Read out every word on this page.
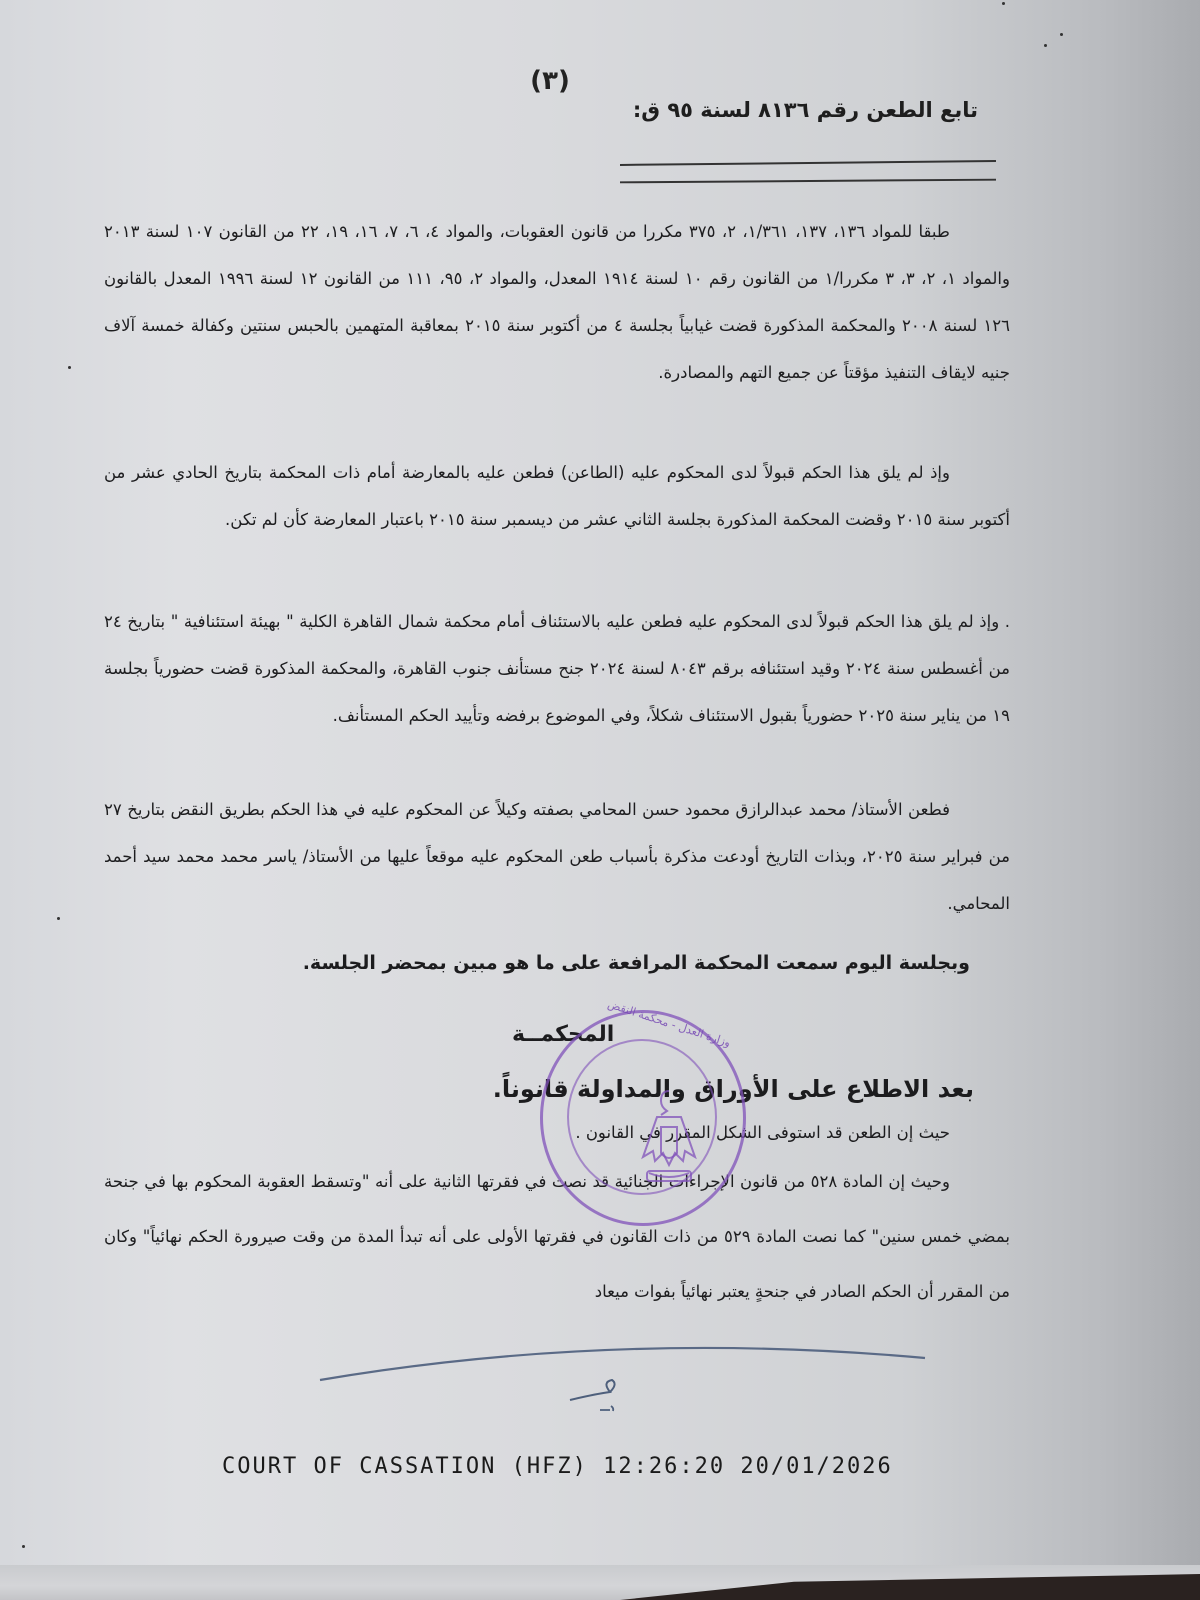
(٣)
تابع الطعن رقم ٨١٣٦ لسنة ٩٥ ق:

طبقا للمواد ١٣٦، ١٣٧، ١/٣٦١، ٢، ٣٧٥ مكررا من قانون العقوبات، والمواد ٤، ٦، ٧، ١٦، ١٩، ٢٢ من القانون ١٠٧ لسنة ٢٠١٣ والمواد ١، ٢، ٣، ٣ مكررا/١ من القانون رقم ١٠ لسنة ١٩١٤ المعدل، والمواد ٢، ٩٥، ١١١ من القانون ١٢ لسنة ١٩٩٦ المعدل بالقانون ١٢٦ لسنة ٢٠٠٨ والمحكمة المذكورة قضت غيابياً بجلسة ٤ من أكتوبر سنة ٢٠١٥ بمعاقبة المتهمين بالحبس سنتين وكفالة خمسة آلاف جنيه لايقاف التنفيذ مؤقتاً عن جميع التهم والمصادرة.

وإذ لم يلق هذا الحكم قبولاً لدى المحكوم عليه (الطاعن) فطعن عليه بالمعارضة أمام ذات المحكمة بتاريخ الحادي عشر من أكتوبر سنة ٢٠١٥ وقضت المحكمة المذكورة بجلسة الثاني عشر من ديسمبر سنة ٢٠١٥ باعتبار المعارضة كأن لم تكن.

. وإذ لم يلق هذا الحكم قبولاً لدى المحكوم عليه فطعن عليه بالاستئناف أمام محكمة شمال القاهرة الكلية " بهيئة استئنافية " بتاريخ ٢٤ من أغسطس سنة ٢٠٢٤ وقيد استئنافه برقم ٨٠٤٣ لسنة ٢٠٢٤ جنح مستأنف جنوب القاهرة، والمحكمة المذكورة قضت حضورياً بجلسة ١٩ من يناير سنة ٢٠٢٥ حضورياً بقبول الاستئناف شكلاً، وفي الموضوع برفضه وتأييد الحكم المستأنف.

فطعن الأستاذ/ محمد عبدالرازق محمود حسن المحامي بصفته وكيلاً عن المحكوم عليه في هذا الحكم بطريق النقض بتاريخ ٢٧ من فبراير سنة ٢٠٢٥، وبذات التاريخ أودعت مذكرة بأسباب طعن المحكوم عليه موقعاً عليها من الأستاذ/ ياسر محمد محمد سيد أحمد المحامي.

وبجلسة اليوم سمعت المحكمة المرافعة على ما هو مبين بمحضر الجلسة.
المحكمــة
بعد الاطلاع على الأوراق والمداولة قانوناً.

حيث إن الطعن قد استوفى الشكل المقرر في القانون .

وحيث إن المادة ٥٢٨ من قانون الإجراءات الجنائية قد نصت في فقرتها الثانية على أنه "وتسقط العقوبة المحكوم بها في جنحة بمضي خمس سنين" كما نصت المادة ٥٢٩ من ذات القانون في فقرتها الأولى على أنه تبدأ المدة من وقت صيرورة الحكم نهائياً" وكان من المقرر أن الحكم الصادر في جنحةٍ يعتبر نهائياً بفوات ميعاد

وزارة العدل - محكمة النقض
COURT OF CASSATION (HFZ) 12:26:20 20/01/2026
